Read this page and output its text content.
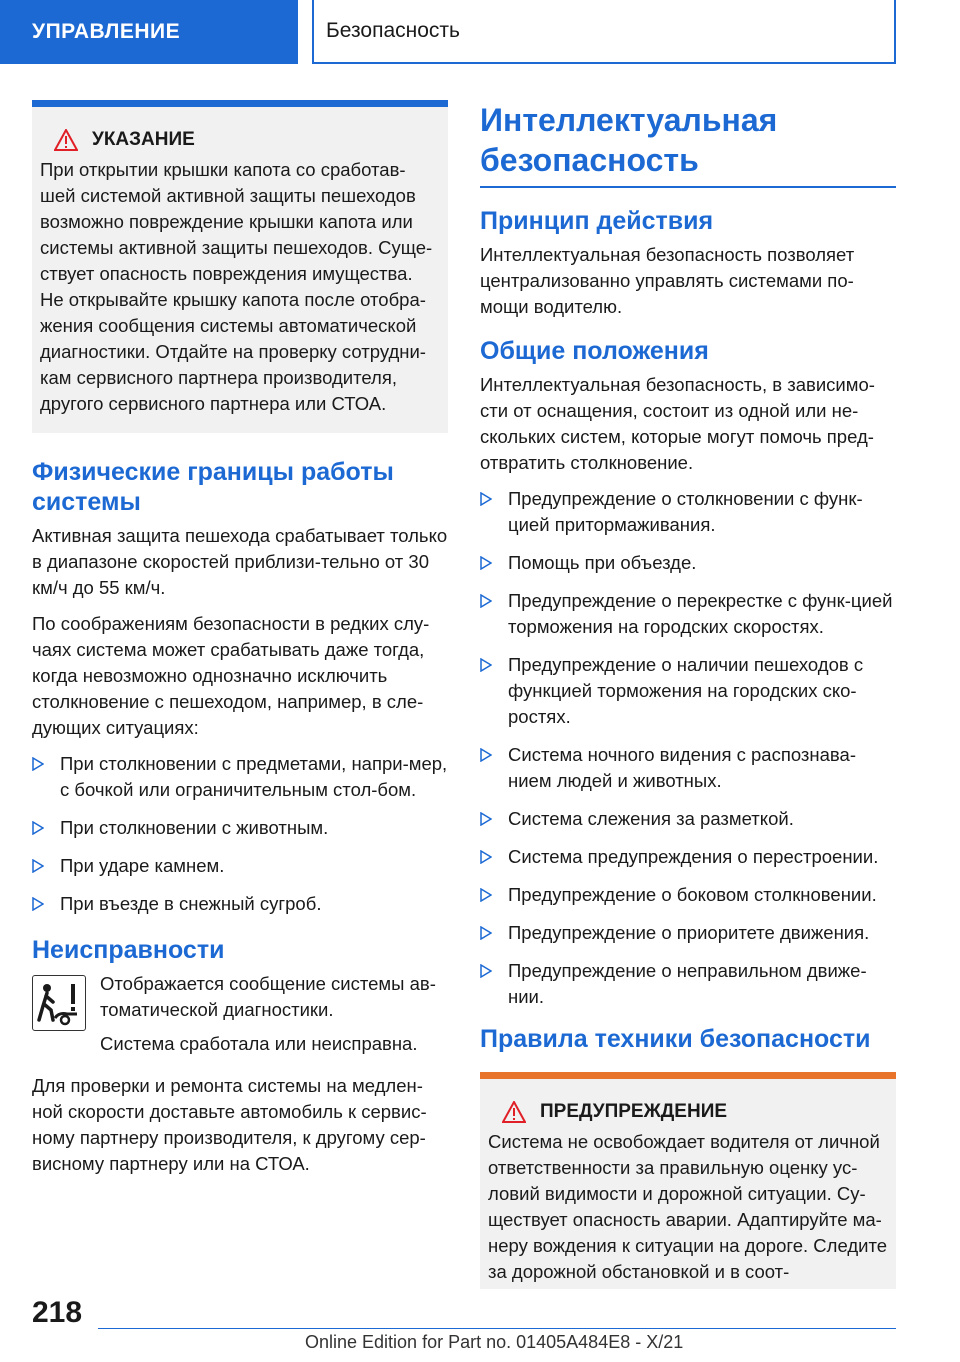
УПРАВЛЕНИЕ	Безопасность
УКАЗАНИЕ

При открытии крышки капота со сработав-шей системой активной защиты пешеходов возможно повреждение крышки капота или системы активной защиты пешеходов. Суще-ствует опасность повреждения имущества. Не открывайте крышку капота после отобра-жения сообщения системы автоматической диагностики. Отдайте на проверку сотрудни-кам сервисного партнера производителя, другого сервисного партнера или СТОА.

Физические границы работы системы

Активная защита пешехода срабатывает только в диапазоне скоростей приблизи-тельно от 30 км/ч до 55 км/ч.

По соображениям безопасности в редких слу-чаях система может срабатывать даже тогда, когда невозможно однозначно исключить столкновение с пешеходом, например, в сле-дующих ситуациях:

При столкновении с предметами, напри-мер, с бочкой или ограничительным стол-бом.
При столкновении с животным.
При ударе камнем.
При въезде в снежный сугроб.
Неисправности

Отображается сообщение системы ав-томатической диагностики.

Система сработала или неисправна.

Для проверки и ремонта системы на медлен-ной скорости доставьте автомобиль к сервис-ному партнеру производителя, к другому сер-висному партнеру или на СТОА.

Интеллектуальная безопасность
Принцип действия

Интеллектуальная безопасность позволяет централизованно управлять системами по-мощи водителю.

Общие положения

Интеллектуальная безопасность, в зависимо-сти от оснащения, состоит из одной или не-скольких систем, которые могут помочь пред-отвратить столкновение.

Предупреждение о столкновении с функ-цией притормаживания.
Помощь при объезде.
Предупреждение о перекрестке с функ-цией торможения на городских скоростях.
Предупреждение о наличии пешеходов с функцией торможения на городских ско-ростях.
Система ночного видения с распознава-нием людей и животных.
Система слежения за разметкой.
Система предупреждения о перестроении.
Предупреждение о боковом столкновении.
Предупреждение о приоритете движения.
Предупреждение о неправильном движе-нии.
Правила техники безопасности
ПРЕДУПРЕЖДЕНИЕ

Система не освобождает водителя от личной ответственности за правильную оценку ус-ловий видимости и дорожной ситуации. Су-ществует опасность аварии. Адаптируйте ма-неру вождения к ситуации на дороге. Следите за дорожной обстановкой и в соот-

218
Online Edition for Part no. 01405A484E8 - X/21
